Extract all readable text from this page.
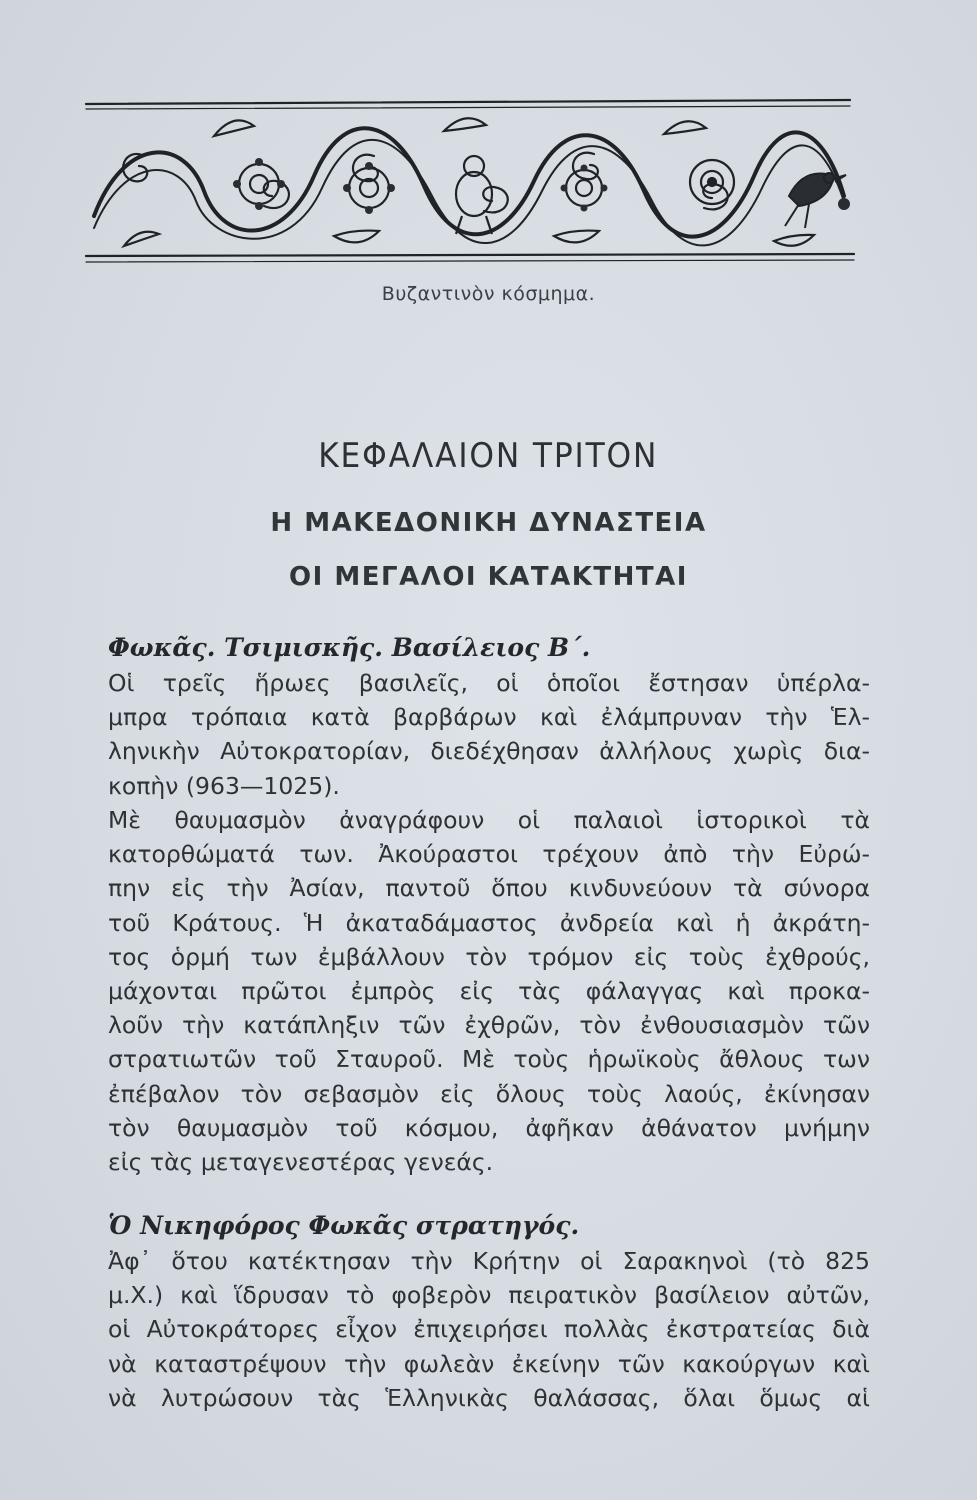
Βυζαντινὸν κόσμημα.
ΚΕΦΑΛΑΙΟΝ ΤΡΙΤΟΝ
Η ΜΑΚΕΔΟΝΙΚΗ ΔΥΝΑΣΤΕΙΑ
ΟΙ ΜΕΓΑΛΟΙ ΚΑΤΑΚΤΗΤΑΙ
Φωκᾶς. Τσιμισκῆς. Βασίλειος Β΄.

Οἱ τρεῖς ἥρωες βασιλεῖς, οἱ ὁποῖοι ἔστησαν ὑπέρλα-
μπρα τρόπαια κατὰ βαρβάρων καὶ ἐλάμπρυναν τὴν Ἑλ-
ληνικὴν Αὐτοκρατορίαν, διεδέχθησαν ἀλλήλους χωρὶς δια-
κοπὴν (963—1025).

Μὲ θαυμασμὸν ἀναγράφουν οἱ παλαιοὶ ἱστορικοὶ τὰ
κατορθώματά των. Ἀκούραστοι τρέχουν ἀπὸ τὴν Εὐρώ-
πην εἰς τὴν Ἀσίαν, παντοῦ ὅπου κινδυνεύουν τὰ σύνορα
τοῦ Κράτους. Ἡ ἀκαταδάμαστος ἀνδρεία καὶ ἡ ἀκράτη-
τος ὁρμή των ἐμβάλλουν τὸν τρόμον εἰς τοὺς ἐχθρούς,
μάχονται πρῶτοι ἐμπρὸς εἰς τὰς φάλαγγας καὶ προκα-
λοῦν τὴν κατάπληξιν τῶν ἐχθρῶν, τὸν ἐνθουσιασμὸν τῶν
στρατιωτῶν τοῦ Σταυροῦ. Μὲ τοὺς ἡρωϊκοὺς ἄθλους των
ἐπέβαλον τὸν σεβασμὸν εἰς ὅλους τοὺς λαούς, ἐκίνησαν
τὸν θαυμασμὸν τοῦ κόσμου, ἀφῆκαν ἀθάνατον μνήμην
εἰς τὰς μεταγενεστέρας γενεάς.

Ὁ Νικηφόρος Φωκᾶς στρατηγός.

Ἀφ᾽ ὅτου κατέκτησαν τὴν Κρήτην οἱ Σαρακηνοὶ (τὸ 825
μ.Χ.) καὶ ἵδρυσαν τὸ φοβερὸν πειρατικὸν βασίλειον αὐτῶν,
οἱ Αὐτοκράτορες εἶχον ἐπιχειρήσει πολλὰς ἐκστρατείας διὰ
νὰ καταστρέψουν τὴν φωλεὰν ἐκείνην τῶν κακούργων καὶ
νὰ λυτρώσουν τὰς Ἑλληνικὰς θαλάσσας, ὅλαι ὅμως αἱ
